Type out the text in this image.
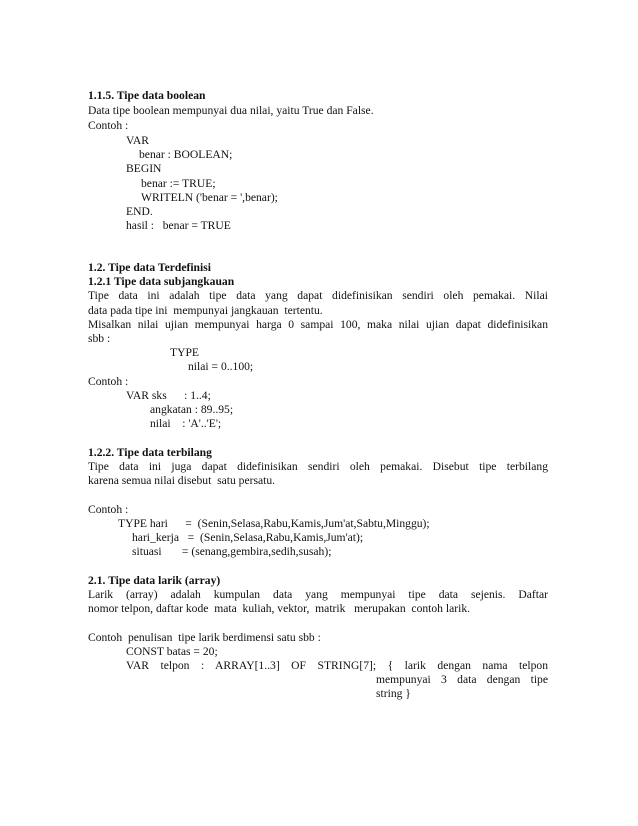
1.1.5. Tipe data boolean
Data tipe boolean mempunyai dua nilai, yaitu True dan False.
Contoh :
VAR
benar : BOOLEAN;
BEGIN
benar := TRUE;
WRITELN ('benar = ',benar);
END.
hasil :   benar = TRUE
1.2. Tipe data Terdefinisi
1.2.1 Tipe data subjangkauan
Tipe data ini adalah tipe data yang dapat didefinisikan sendiri oleh pemakai. Nilai
data pada tipe ini  mempunyai jangkauan  tertentu.
Misalkan nilai ujian mempunyai harga 0 sampai 100, maka nilai ujian dapat didefinisikan
sbb :
TYPE
nilai = 0..100;
Contoh :
VAR sks      : 1..4;
angkatan : 89..95;
nilai    : 'A'..'E';
1.2.2. Tipe data terbilang
Tipe data ini juga dapat didefinisikan sendiri oleh pemakai. Disebut tipe terbilang
karena semua nilai disebut  satu persatu.
Contoh :
TYPE hari      =  (Senin,Selasa,Rabu,Kamis,Jum'at,Sabtu,Minggu);
hari_kerja   =  (Senin,Selasa,Rabu,Kamis,Jum'at);
situasi       = (senang,gembira,sedih,susah);
2.1. Tipe data larik (array)
Larik (array) adalah kumpulan data yang mempunyai tipe data sejenis. Daftar
nomor telpon, daftar kode  mata  kuliah, vektor,  matrik   merupakan  contoh larik.
Contoh  penulisan  tipe larik berdimensi satu sbb :
CONST batas = 20;
VAR telpon : ARRAY[1..3] OF STRING[7]; { larik dengan nama telpon
mempunyai 3 data dengan tipe
string }
